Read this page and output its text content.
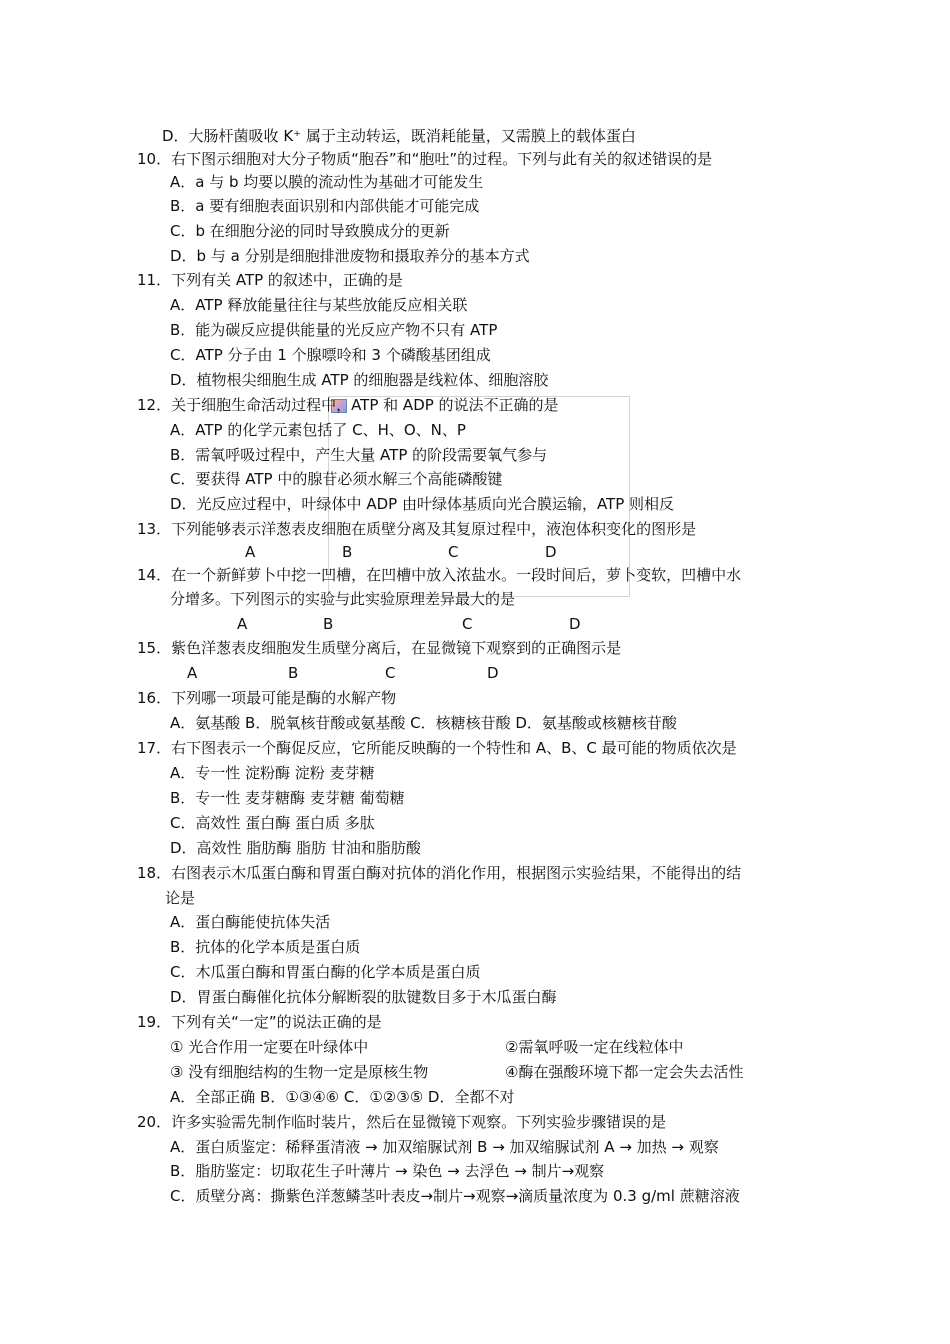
D．大肠杆菌吸收 K⁺ 属于主动转运，既消耗能量，又需膜上的载体蛋白
10．右下图示细胞对大分子物质“胞吞”和“胞吐”的过程。下列与此有关的叙述错误的是
A．a 与 b 均要以膜的流动性为基础才可能发生
B．a 要有细胞表面识别和内部供能才可能完成
C．b 在细胞分泌的同时导致膜成分的更新
D．b 与 a 分别是细胞排泄废物和摄取养分的基本方式
11．下列有关 ATP 的叙述中，正确的是
A．ATP 释放能量往往与某些放能反应相关联
B．能为碳反应提供能量的光反应产物不只有 ATP
C．ATP 分子由 1 个腺嘌呤和 3 个磷酸基团组成
D．植物根尖细胞生成 ATP 的细胞器是线粒体、细胞溶胶
12．关于细胞生命活动过程中，ATP 和 ADP 的说法不正确的是
A．ATP 的化学元素包括了 C、H、O、N、P
B．需氧呼吸过程中，产生大量 ATP 的阶段需要氧气参与
C．要获得 ATP 中的腺苷必须水解三个高能磷酸键
D．光反应过程中，叶绿体中 ADP 由叶绿体基质向光合膜运输，ATP 则相反
13．下列能够表示洋葱表皮细胞在质壁分离及其复原过程中，液泡体积变化的图形是
A	B	C	D
14．在一个新鲜萝卜中挖一凹槽，在凹槽中放入浓盐水。一段时间后，萝卜变软，凹槽中水
分增多。下列图示的实验与此实验原理差异最大的是
A	B	C	D
15．紫色洋葱表皮细胞发生质壁分离后，在显微镜下观察到的正确图示是
A	B	C	D
16．下列哪一项最可能是酶的水解产物
A．氨基酸 B．脱氧核苷酸或氨基酸 C．核糖核苷酸 D．氨基酸或核糖核苷酸
17．右下图表示一个酶促反应，它所能反映酶的一个特性和 A、B、C 最可能的物质依次是
A．专一性 淀粉酶 淀粉 麦芽糖
B．专一性 麦芽糖酶 麦芽糖 葡萄糖
C．高效性 蛋白酶 蛋白质 多肽
D．高效性 脂肪酶 脂肪 甘油和脂肪酸
18．右图表示木瓜蛋白酶和胃蛋白酶对抗体的消化作用，根据图示实验结果，不能得出的结
论是
A．蛋白酶能使抗体失活
B．抗体的化学本质是蛋白质
C．木瓜蛋白酶和胃蛋白酶的化学本质是蛋白质
D．胃蛋白酶催化抗体分解断裂的肽键数目多于木瓜蛋白酶
19．下列有关“一定”的说法正确的是
① 光合作用一定要在叶绿体中	②需氧呼吸一定在线粒体中
③ 没有细胞结构的生物一定是原核生物	④酶在强酸环境下都一定会失去活性
A．全部正确 B．①③④⑥ C．①②③⑤ D．全都不对
20．许多实验需先制作临时装片，然后在显微镜下观察。下列实验步骤错误的是
A．蛋白质鉴定：稀释蛋清液 → 加双缩脲试剂 B → 加双缩脲试剂 A → 加热 → 观察
B．脂肪鉴定：切取花生子叶薄片 → 染色 → 去浮色 → 制片→观察
C．质壁分离：撕紫色洋葱鳞茎叶表皮→制片→观察→滴质量浓度为 0.3 g/ml 蔗糖溶液
